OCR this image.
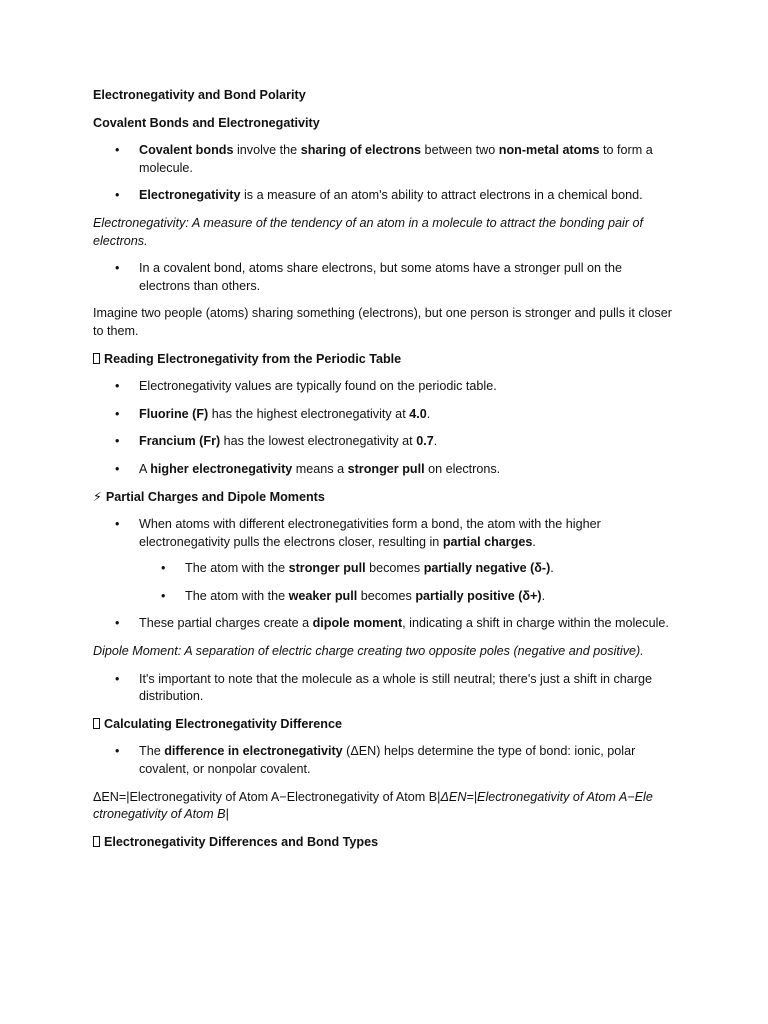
Electronegativity and Bond Polarity
Covalent Bonds and Electronegativity
• Covalent bonds involve the sharing of electrons between two non-metal atoms to form a molecule.
• Electronegativity is a measure of an atom's ability to attract electrons in a chemical bond.

Electronegativity: A measure of the tendency of an atom in a molecule to attract the bonding pair of electrons.

• In a covalent bond, atoms share electrons, but some atoms have a stronger pull on the electrons than others.

Imagine two people (atoms) sharing something (electrons), but one person is stronger and pulls it closer to them.

Reading Electronegativity from the Periodic Table
• Electronegativity values are typically found on the periodic table.
• Fluorine (F) has the highest electronegativity at 4.0.
• Francium (Fr) has the lowest electronegativity at 0.7.
• A higher electronegativity means a stronger pull on electrons.
⚡ Partial Charges and Dipole Moments
• When atoms with different electronegativities form a bond, the atom with the higher electronegativity pulls the electrons closer, resulting in partial charges.
• The atom with the stronger pull becomes partially negative (δ-).
• The atom with the weaker pull becomes partially positive (δ+).
• These partial charges create a dipole moment, indicating a shift in charge within the molecule.

Dipole Moment: A separation of electric charge creating two opposite poles (negative and positive).

• It's important to note that the molecule as a whole is still neutral; there's just a shift in charge distribution.
Calculating Electronegativity Difference
• The difference in electronegativity (ΔEN) helps determine the type of bond: ionic, polar covalent, or nonpolar covalent.

ΔEN=|Electronegativity of Atom A−Electronegativity of Atom B|ΔEN=|Electronegativity of Atom A−Ele ctronegativity of Atom B|

Electronegativity Differences and Bond Types
